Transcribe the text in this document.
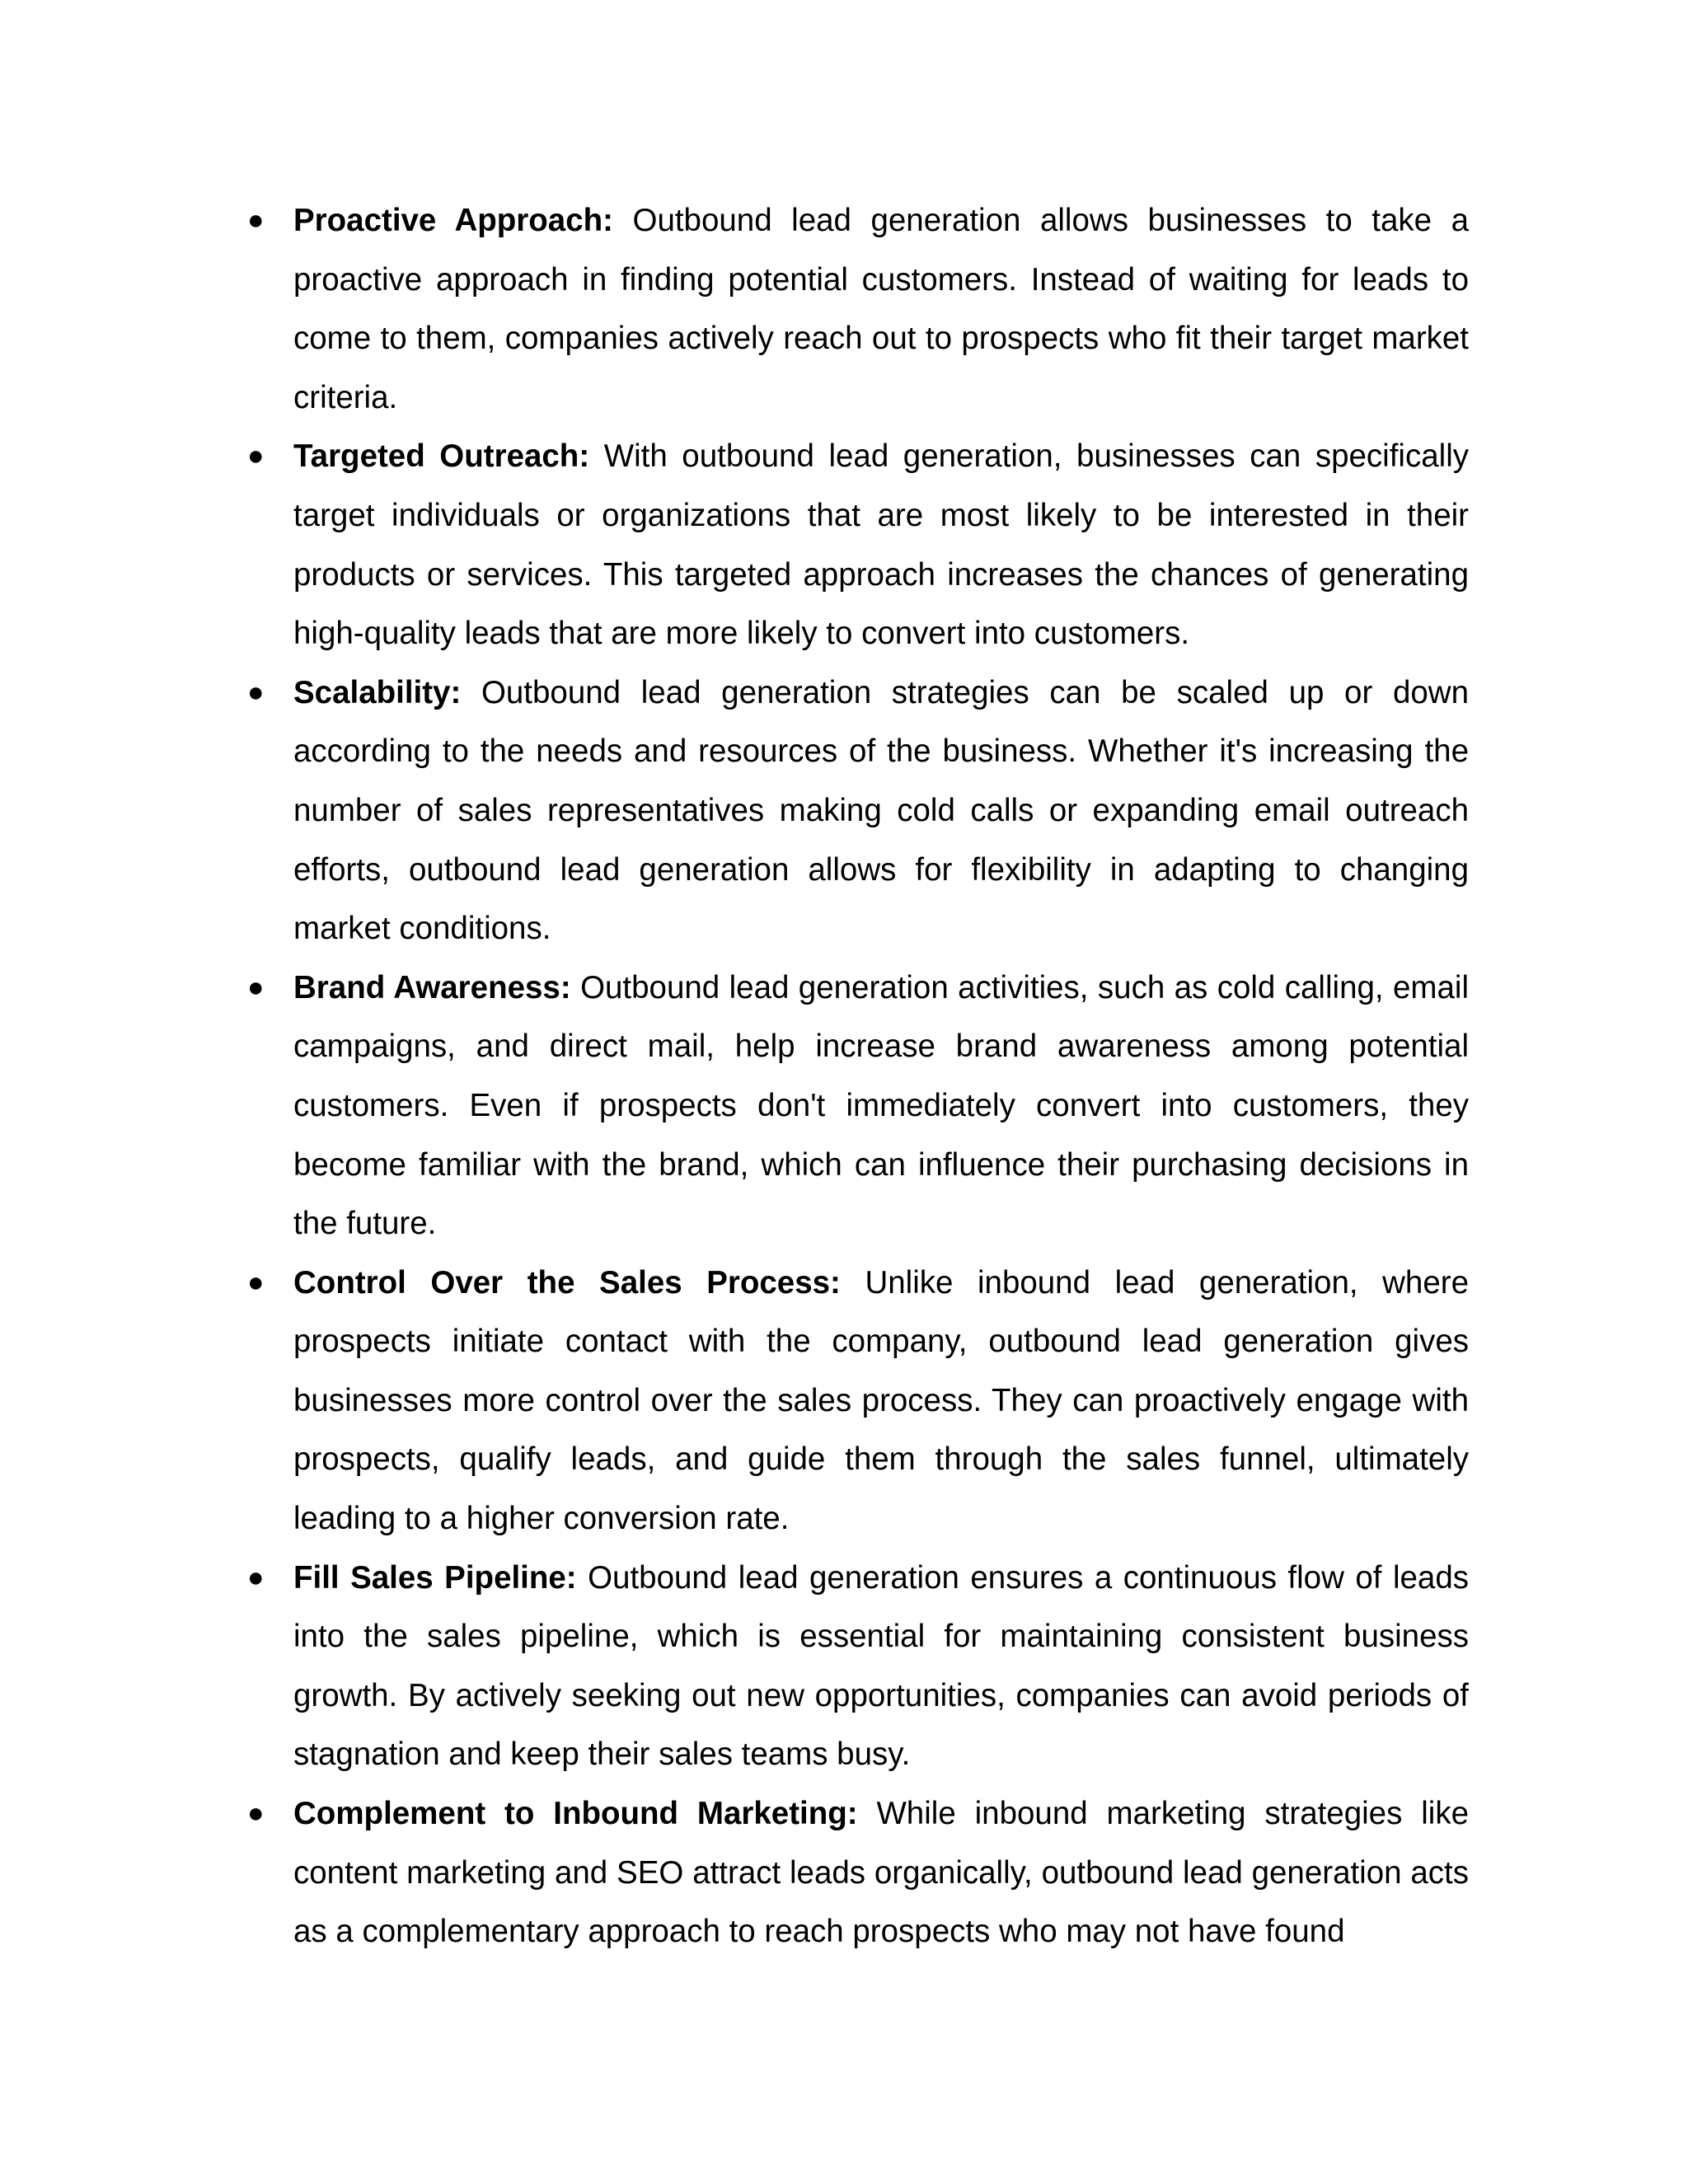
● Proactive Approach: Outbound lead generation allows businesses to take a proactive approach in finding potential customers. Instead of waiting for leads to come to them, companies actively reach out to prospects who fit their target market criteria.
● Targeted Outreach: With outbound lead generation, businesses can specifically target individuals or organizations that are most likely to be interested in their products or services. This targeted approach increases the chances of generating high-quality leads that are more likely to convert into customers.
● Scalability: Outbound lead generation strategies can be scaled up or down according to the needs and resources of the business. Whether it's increasing the number of sales representatives making cold calls or expanding email outreach efforts, outbound lead generation allows for flexibility in adapting to changing market conditions.
● Brand Awareness: Outbound lead generation activities, such as cold calling, email campaigns, and direct mail, help increase brand awareness among potential customers. Even if prospects don't immediately convert into customers, they become familiar with the brand, which can influence their purchasing decisions in the future.
● Control Over the Sales Process: Unlike inbound lead generation, where prospects initiate contact with the company, outbound lead generation gives businesses more control over the sales process. They can proactively engage with prospects, qualify leads, and guide them through the sales funnel, ultimately leading to a higher conversion rate.
● Fill Sales Pipeline: Outbound lead generation ensures a continuous flow of leads into the sales pipeline, which is essential for maintaining consistent business growth. By actively seeking out new opportunities, companies can avoid periods of stagnation and keep their sales teams busy.
● Complement to Inbound Marketing: While inbound marketing strategies like content marketing and SEO attract leads organically, outbound lead generation acts as a complementary approach to reach prospects who may not have found
